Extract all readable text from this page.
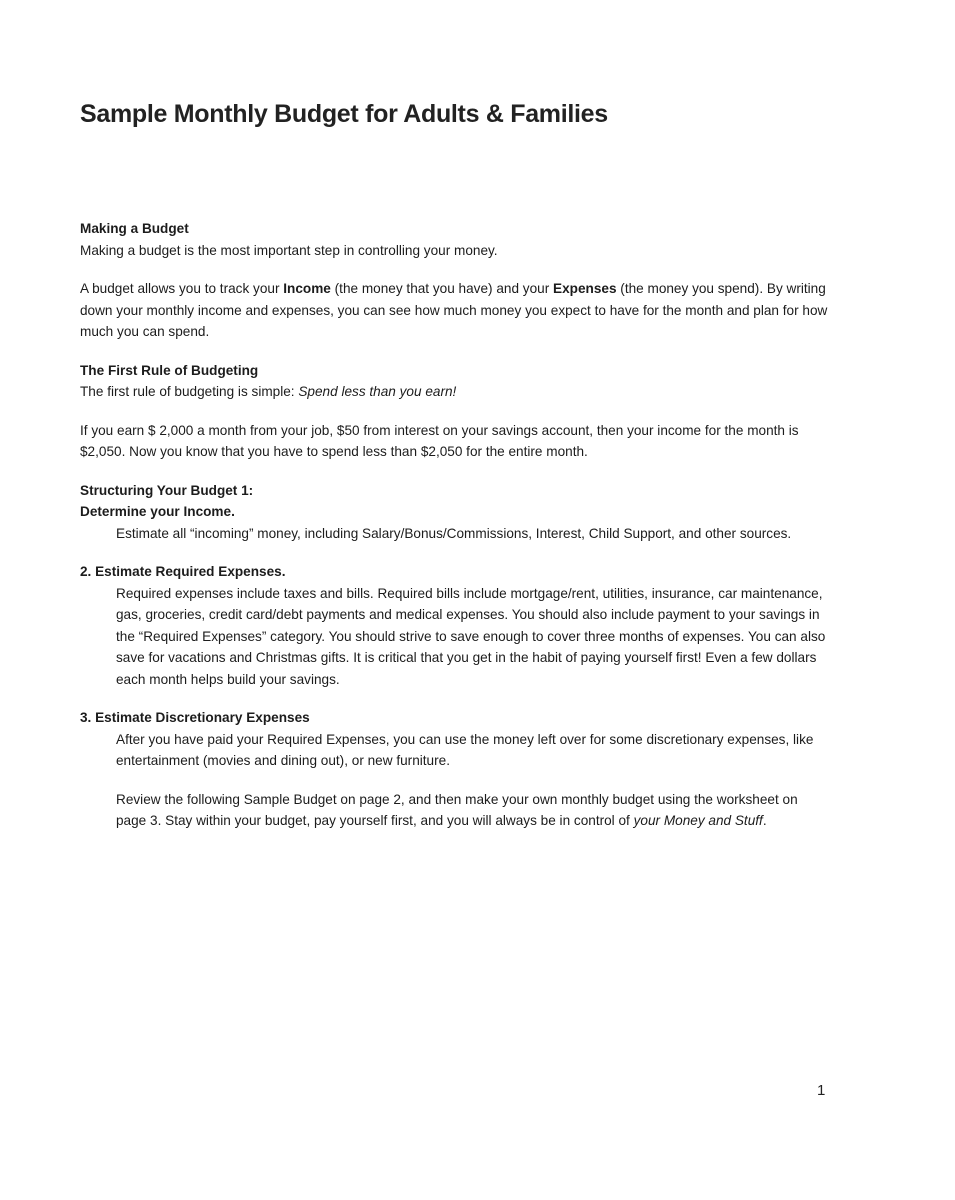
Sample Monthly Budget for Adults & Families

Making a Budget

Making a budget is the most important step in controlling your money.

A budget allows you to track your Income (the money that you have) and your Expenses (the money you spend). By writing down your monthly income and expenses, you can see how much money you expect to have for the month and plan for how much you can spend.

The First Rule of Budgeting

The first rule of budgeting is simple: Spend less than you earn!

If you earn $ 2,000 a month from your job, $50 from interest on your savings account, then your income for the month is $2,050. Now you know that you have to spend less than $2,050 for the entire month.

Structuring Your Budget 1:

Determine your Income.

Estimate all “incoming” money, including Salary/Bonus/Commissions, Interest, Child Support, and other sources.

2. Estimate Required Expenses.

Required expenses include taxes and bills. Required bills include mortgage/rent, utilities, insurance, car maintenance, gas, groceries, credit card/debt payments and medical expenses. You should also include payment to your savings in the “Required Expenses” category. You should strive to save enough to cover three months of expenses. You can also save for vacations and Christmas gifts. It is critical that you get in the habit of paying yourself first! Even a few dollars each month helps build your savings.

3. Estimate Discretionary Expenses

After you have paid your Required Expenses, you can use the money left over for some discretionary expenses, like entertainment (movies and dining out), or new furniture.

Review the following Sample Budget on page 2, and then make your own monthly budget using the worksheet on page 3. Stay within your budget, pay yourself first, and you will always be in control of your Money and Stuff.

1
